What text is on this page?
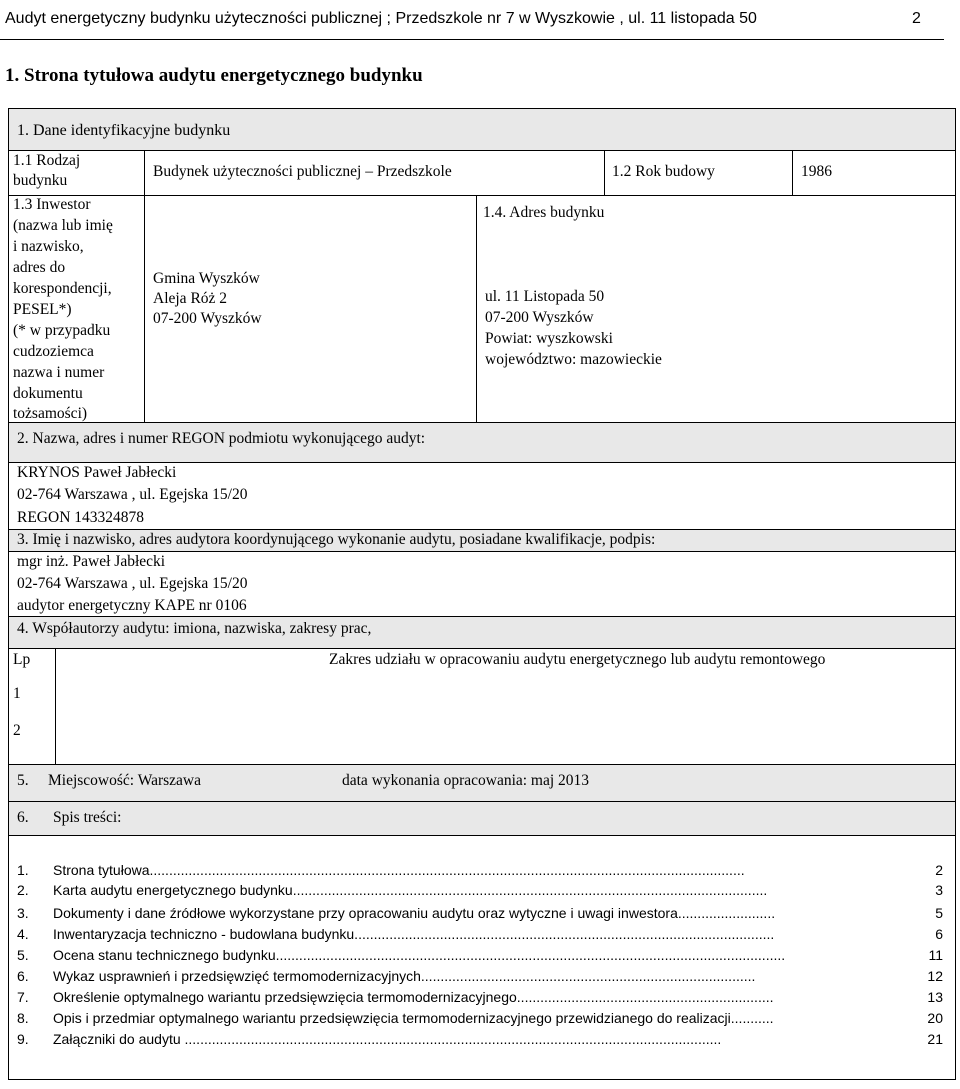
Audyt energetyczny budynku użyteczności publicznej ; Przedszkole nr 7 w Wyszkowie , ul. 11 listopada 50	2
1. Strona tytułowa audytu energetycznego budynku
1. Dane identyfikacyjne budynku
1.1 Rodzaj
budynku
Budynek użyteczności publicznej – Przedszkole	1.2 Rok budowy	1986
1.3 Inwestor
(nazwa lub imię
i nazwisko,
adres do
korespondencji,
PESEL*)
(* w przypadku
cudzoziemca
nazwa i numer
dokumentu
tożsamości)
Gmina Wyszków
Aleja Róż 2
07-200 Wyszków
1.4. Adres budynku
ul. 11 Listopada 50
07-200 Wyszków
Powiat: wyszkowski
województwo: mazowieckie
2. Nazwa, adres i numer REGON podmiotu wykonującego audyt:
KRYNOS Paweł Jabłecki
02-764 Warszawa , ul. Egejska 15/20
REGON 143324878
3. Imię i nazwisko, adres audytora koordynującego wykonanie audytu, posiadane kwalifikacje, podpis:
mgr inż. Paweł Jabłecki
02-764 Warszawa , ul. Egejska 15/20
audytor energetyczny KAPE nr 0106
4. Współautorzy audytu: imiona, nazwiska, zakresy prac,
Lp	Zakres udziału w opracowaniu audytu energetycznego lub audytu remontowego
1
2
5. Miejscowość: Warszawa	data wykonania opracowania: maj 2013
6. Spis treści:
1. Strona tytułowa.........................................................................................................................................................	2
2. Karta audytu energetycznego budynku..........................................................................................................................	3
3. Dokumenty i dane źródłowe wykorzystane przy opracowaniu audytu oraz wytyczne i uwagi inwestora.........................	5
4. Inwentaryzacja techniczno - budowlana budynku............................................................................................................	6
5. Ocena stanu technicznego budynku...................................................................................................................................	11
6. Wykaz usprawnień i przedsięwzięć termomodernizacyjnych......................................................................................	12
7. Określenie optymalnego wariantu przedsięwzięcia termomodernizacyjnego..................................................................	13
8. Opis i przedmiar optymalnego wariantu przedsięwzięcia termomodernizacyjnego przewidzianego do realizacji...........	20
9. Załączniki do audytu ..........................................................................................................................................	21
